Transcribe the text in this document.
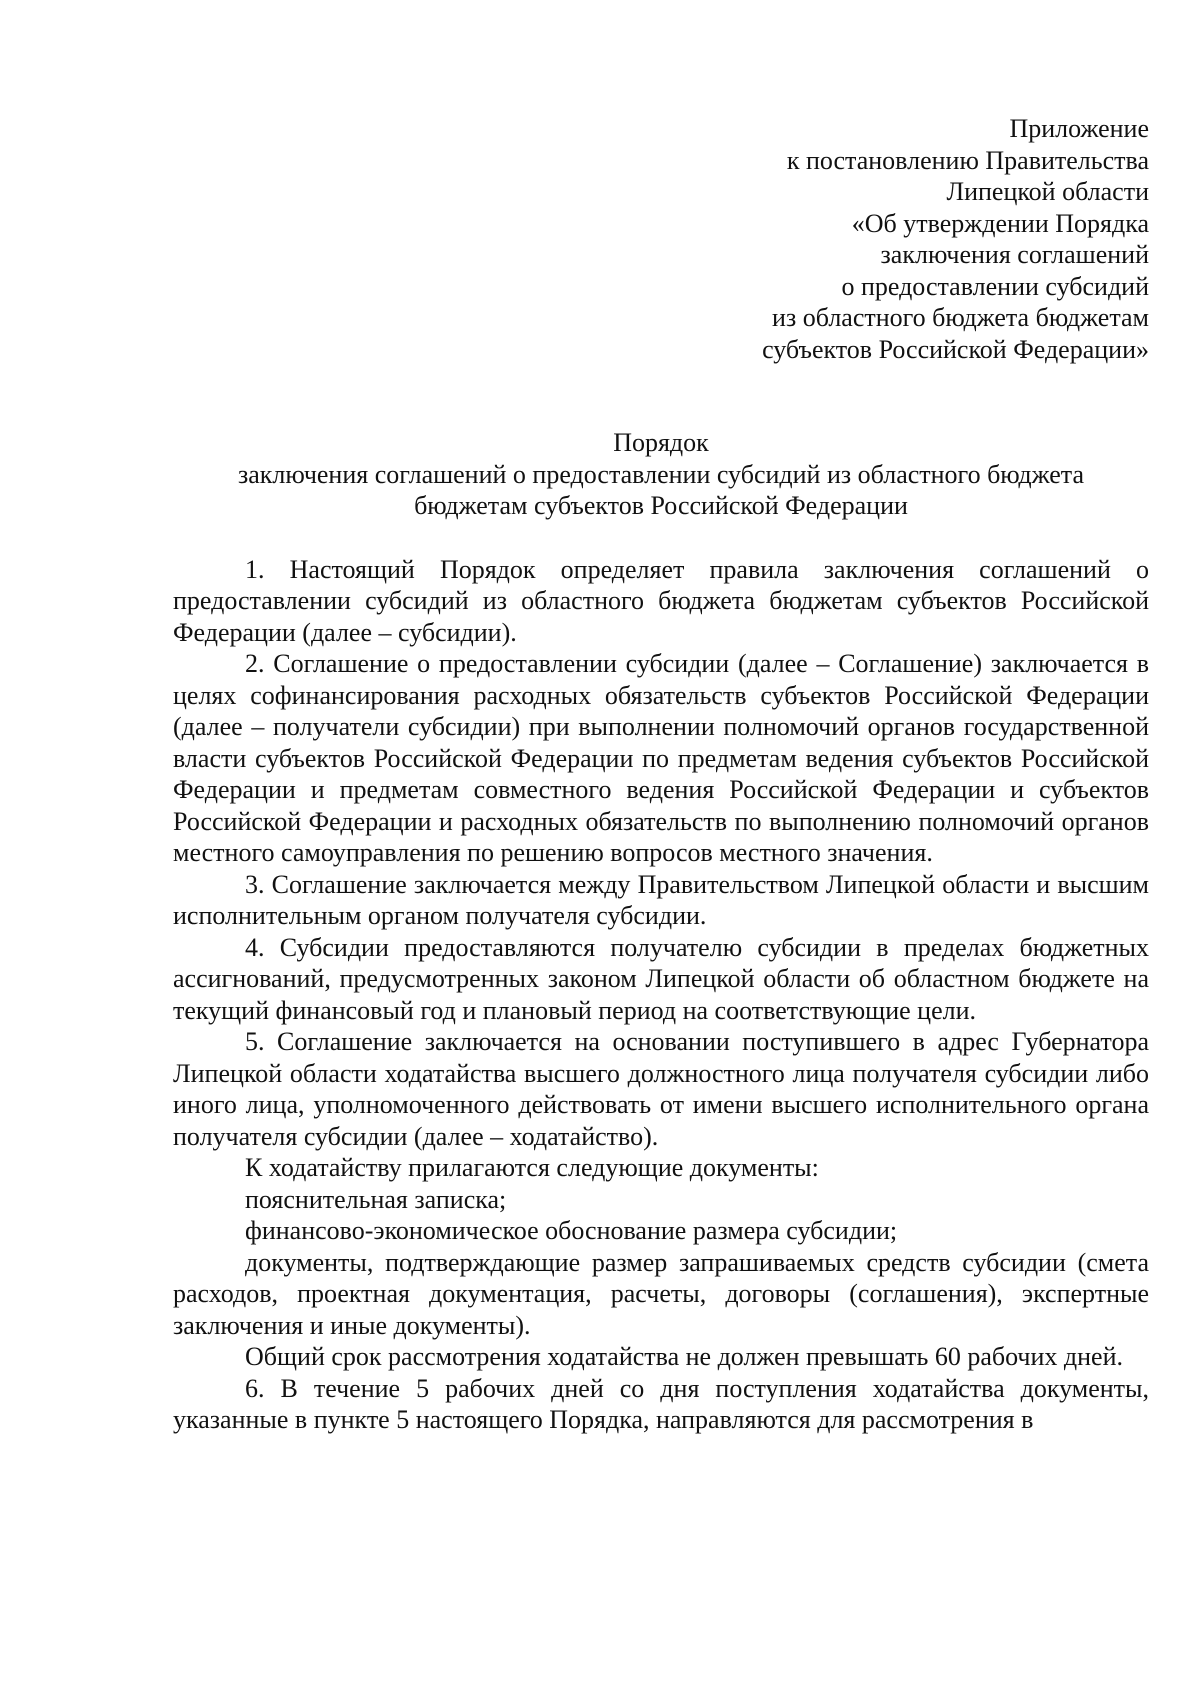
Приложение
к постановлению Правительства
Липецкой области
«Об утверждении Порядка
заключения соглашений
о предоставлении субсидий
из областного бюджета бюджетам
субъектов Российской Федерации»
Порядок
заключения соглашений о предоставлении субсидий из областного бюджета
бюджетам субъектов Российской Федерации

1. Настоящий Порядок определяет правила заключения соглашений о предоставлении субсидий из областного бюджета бюджетам субъектов Российской Федерации (далее – субсидии).

2. Соглашение о предоставлении субсидии (далее – Соглашение) заключается в целях софинансирования расходных обязательств субъектов Российской Федерации (далее – получатели субсидии) при выполнении полномочий органов государственной власти субъектов Российской Федерации по предметам ведения субъектов Российской Федерации и предметам совместного ведения Российской Федерации и субъектов Российской Федерации и расходных обязательств по выполнению полномочий органов местного самоуправления по решению вопросов местного значения.

3. Соглашение заключается между Правительством Липецкой области и высшим исполнительным органом получателя субсидии.

4. Субсидии предоставляются получателю субсидии в пределах бюджетных ассигнований, предусмотренных законом Липецкой области об областном бюджете на текущий финансовый год и плановый период на соответствующие цели.

5. Соглашение заключается на основании поступившего в адрес Губернатора Липецкой области ходатайства высшего должностного лица получателя субсидии либо иного лица, уполномоченного действовать от имени высшего исполнительного органа получателя субсидии (далее – ходатайство).

К ходатайству прилагаются следующие документы:

пояснительная записка;

финансово-экономическое обоснование размера субсидии;

документы, подтверждающие размер запрашиваемых средств субсидии (смета расходов, проектная документация, расчеты, договоры (соглашения), экспертные заключения и иные документы).

Общий срок рассмотрения ходатайства не должен превышать 60 рабочих дней.

6. В течение 5 рабочих дней со дня поступления ходатайства документы, указанные в пункте 5 настоящего Порядка, направляются для рассмотрения в
